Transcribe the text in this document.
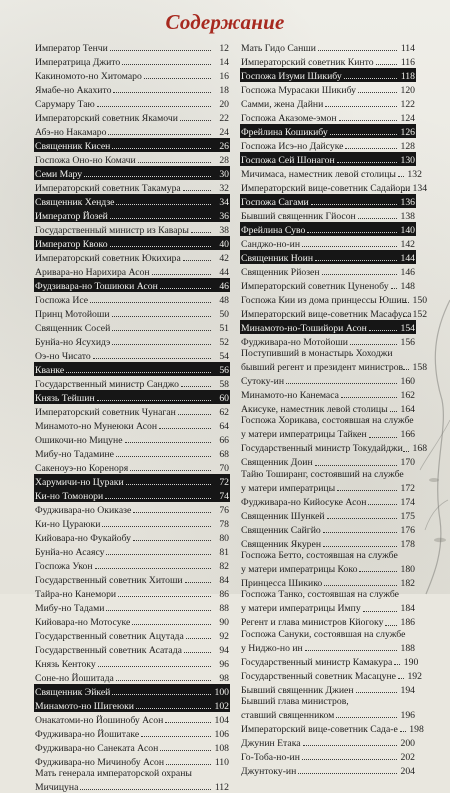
Содержание
Император Тенчи	12
Императрица Джито	14
Какиномото-но Хитомаро	16
Ямабе-но Акахито	18
Сарумару Таю	20
Императорский советник Якамочи	22
Абэ-но Накамаро	24
Священник Кисен	26
Госпожа Оно-но Комачи	28
Семи Мару	30
Императорский советник Такамура	32
Священник Хендзе	34
Император Йозей	36
Государственный министр из Кавары	38
Император Квоко	40
Императорский советник Юкихира	42
Аривара-но Нарихира Асон	44
Фудзивара-но Тошиюки Асон	46
Госпожа Исе	48
Принц Мотойоши	50
Священник Сосей	51
Бунйа-но Ясухидэ	52
Оэ-но Чисато	54
Кванке	56
Государственный министр Санджо	58
Князь Тейшин	60
Императорский советник Чунаган	62
Минамото-но Мунеюки Асон	64
Ошикочи-но Мицуне	66
Мибу-но Тадамине	68
Сакеноуэ-но Кореноря	70
Харумичи-но Цураки	72
Ки-но Томонори	74
Фудживара-но Окикaзе	76
Ки-но Цураюки	78
Кийовара-но Фукайобу	80
Бунйа-но Асаясу	81
Госпожа Укон	82
Государственный советник Хитоши	84
Тайра-но Канемори	86
Мибу-но Тадами	88
Кийовара-но Мотосуке	90
Государственный советник Ацутада	92
Государственный советник Асатада	94
Князь Кентоку	96
Соне-но Йошитада	98
Священник Эйкей	100
Минамото-но Шигеюки	102
Онакатоми-но Йошинобу Асон	104
Фудживара-но Йошитаке	106
Фудживара-но Санеката Асон	108
Фудживара-но Мичинобу Асон	110
Мать генерала императорской охраны
Мичицуна	112
Мать Гидо Санши	114
Императорский советник Кинто	116
Госпожа Изуми Шикибу	118
Госпожа Мурасаки Шикибу	120
Самми, жена Дайни	122
Госпожа Аказоме-эмон	124
Фрейлина Кошикибу	126
Госпожа Исэ-но Дайсуке	128
Госпожа Сей Шонагон	130
Мичимаса, наместник левой столицы 132
Императорский вице-советник Садайори 134
Госпожа Сагами	136
Бывший священник Гйосон	138
Фрейлина Суво	140
Санджо-но-ин	142
Священник Ноин	144
Священник Рйозен	146
Императорский советник Цуненобу 148
Госпожа Кии из дома принцессы Юшин 150
Императорский вице-советник Масафуса 152
Минамото-но-Тошийори Асон	154
Фудживара-но Мотойоши	156
Поступивший в монастырь Хоходжи
бывший регент и президент министров 158
Сутоку-ин	160
Минамото-но Канемаса	162
Акисуке, наместник левой столицы 164
Госпожа Хорикава, состоявшая на службе
у матери императрицы Тайкен	166
Государственный министр Токудайджи 168
Священник Доин	170
Тайю Тоширанг, состоявший на службе
у матери императрицы	172
Фудживара-но Кийосуке Асон	174
Священник Шункей	175
Священник Сайгйо	176
Священник Якурен	178
Госпожа Бетто, состоявшая на службе
у матери императрицы Коко	180
Принцесса Шикико	182
Госпожа Танко, состоявшая на службе
у матери императрицы Импу	184
Регент и глава министров Кйогоку 186
Госпожа Сануки, состоявшая на службе
у Ниджо-но ин	188
Государственный министр Камакура 190
Государственный советник Масацуне 192
Бывший священник Джиен	194
Бывший глава министров,
ставший священником	196
Императорский вице-советник Сада-е 198
Джунин Етака	200
Го-Тоба-но-ин	202
Джунтоку-ин	204
